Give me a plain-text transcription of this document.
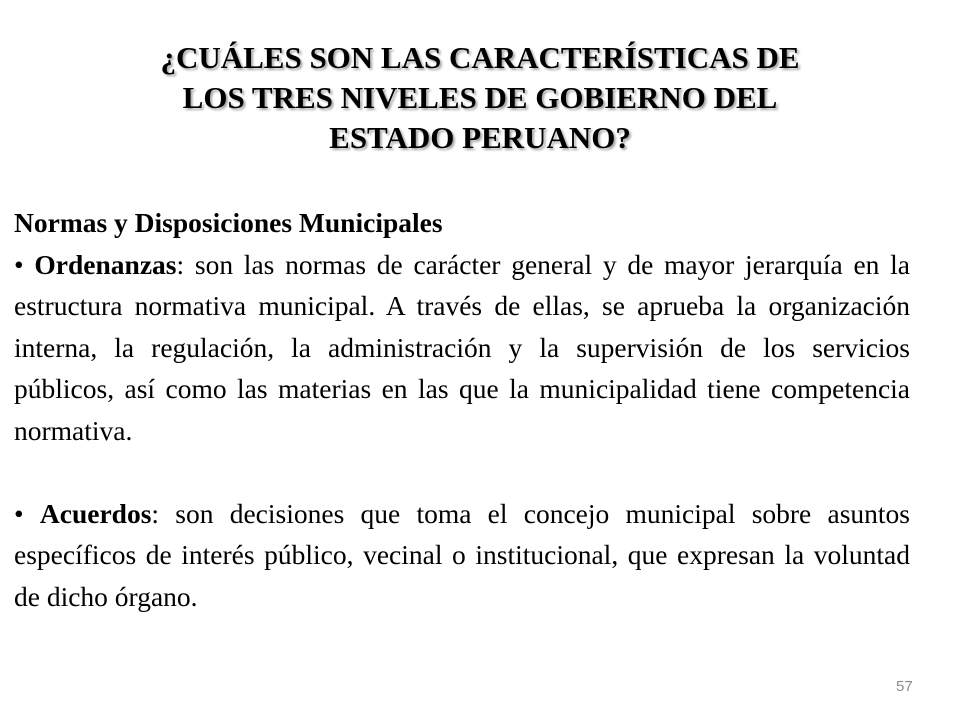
¿CUÁLES SON LAS CARACTERÍSTICAS DE
LOS TRES NIVELES DE GOBIERNO DEL
ESTADO PERUANO?

Normas y Disposiciones Municipales

• Ordenanzas: son las normas de carácter general y de mayor jerarquía en la estructura normativa municipal. A través de ellas, se aprueba la organización interna, la regulación, la administración y la supervisión de los servicios públicos, así como las materias en las que la municipalidad tiene competencia normativa.

• Acuerdos: son decisiones que toma el concejo municipal sobre asuntos específicos de interés público, vecinal o institucional, que expresan la voluntad de dicho órgano.

57
